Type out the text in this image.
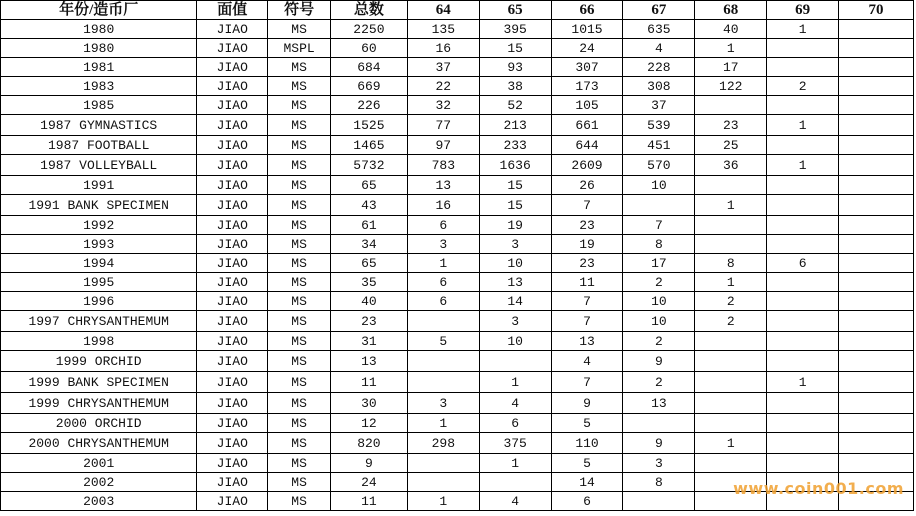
年份/造币厂	面值	符号	总数	64	65	66	67	68	69	70
1980	JIAO	MS	2250	135	395	1015	635	40	1	
1980	JIAO	MSPL	60	16	15	24	4	1		
1981	JIAO	MS	684	37	93	307	228	17		
1983	JIAO	MS	669	22	38	173	308	122	2	
1985	JIAO	MS	226	32	52	105	37			
1987 GYMNASTICS	JIAO	MS	1525	77	213	661	539	23	1	
1987 FOOTBALL	JIAO	MS	1465	97	233	644	451	25		
1987 VOLLEYBALL	JIAO	MS	5732	783	1636	2609	570	36	1	
1991	JIAO	MS	65	13	15	26	10			
1991 BANK SPECIMEN	JIAO	MS	43	16	15	7		1		
1992	JIAO	MS	61	6	19	23	7			
1993	JIAO	MS	34	3	3	19	8			
1994	JIAO	MS	65	1	10	23	17	8	6	
1995	JIAO	MS	35	6	13	11	2	1		
1996	JIAO	MS	40	6	14	7	10	2		
1997 CHRYSANTHEMUM	JIAO	MS	23		3	7	10	2		
1998	JIAO	MS	31	5	10	13	2			
1999 ORCHID	JIAO	MS	13			4	9			
1999 BANK SPECIMEN	JIAO	MS	11		1	7	2		1	
1999 CHRYSANTHEMUM	JIAO	MS	30	3	4	9	13			
2000 ORCHID	JIAO	MS	12	1	6	5				
2000 CHRYSANTHEMUM	JIAO	MS	820	298	375	110	9	1		
2001	JIAO	MS	9		1	5	3			
2002	JIAO	MS	24			14	8			
2003	JIAO	MS	11	1	4	6				
www.coin001.com
